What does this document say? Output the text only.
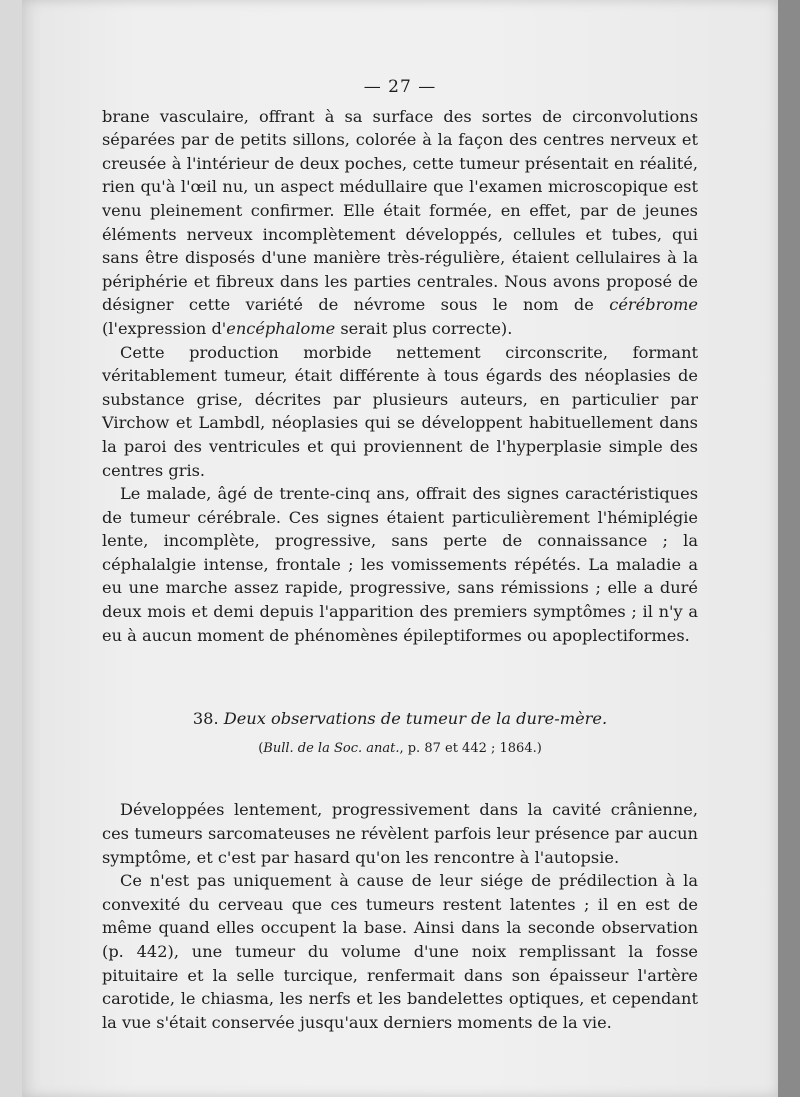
— 27 —

brane vasculaire, offrant à sa surface des sortes de circonvolutions séparées par de petits sillons, colorée à la façon des centres nerveux et creusée à l'intérieur de deux poches, cette tumeur présentait en réalité, rien qu'à l'œil nu, un aspect médullaire que l'examen microscopique est venu pleinement confirmer. Elle était formée, en effet, par de jeunes éléments nerveux incomplètement développés, cellules et tubes, qui sans être disposés d'une manière très-régulière, étaient cellulaires à la périphérie et fibreux dans les parties centrales. Nous avons proposé de désigner cette variété de névrome sous le nom de cérébrome (l'expression d'encéphalome serait plus correcte).

Cette production morbide nettement circonscrite, formant véritablement tumeur, était différente à tous égards des néoplasies de substance grise, décrites par plusieurs auteurs, en particulier par Virchow et Lambdl, néoplasies qui se développent habituellement dans la paroi des ventricules et qui proviennent de l'hyperplasie simple des centres gris.

Le malade, âgé de trente-cinq ans, offrait des signes caractéristiques de tumeur cérébrale. Ces signes étaient particulièrement l'hémiplégie lente, incomplète, progressive, sans perte de connaissance ; la céphalalgie intense, frontale ; les vomissements répétés. La maladie a eu une marche assez rapide, progressive, sans rémissions ; elle a duré deux mois et demi depuis l'apparition des premiers symptômes ; il n'y a eu à aucun moment de phénomènes épileptiformes ou apoplectiformes.

38. Deux observations de tumeur de la dure-mère.
(Bull. de la Soc. anat., p. 87 et 442 ; 1864.)

Développées lentement, progressivement dans la cavité crânienne, ces tumeurs sarcomateuses ne révèlent parfois leur présence par aucun symptôme, et c'est par hasard qu'on les rencontre à l'autopsie.

Ce n'est pas uniquement à cause de leur siége de prédilection à la convexité du cerveau que ces tumeurs restent latentes ; il en est de même quand elles occupent la base. Ainsi dans la seconde observation (p. 442), une tumeur du volume d'une noix remplissant la fosse pituitaire et la selle turcique, renfermait dans son épaisseur l'artère carotide, le chiasma, les nerfs et les bandelettes optiques, et cependant la vue s'était conservée jusqu'aux derniers moments de la vie.
